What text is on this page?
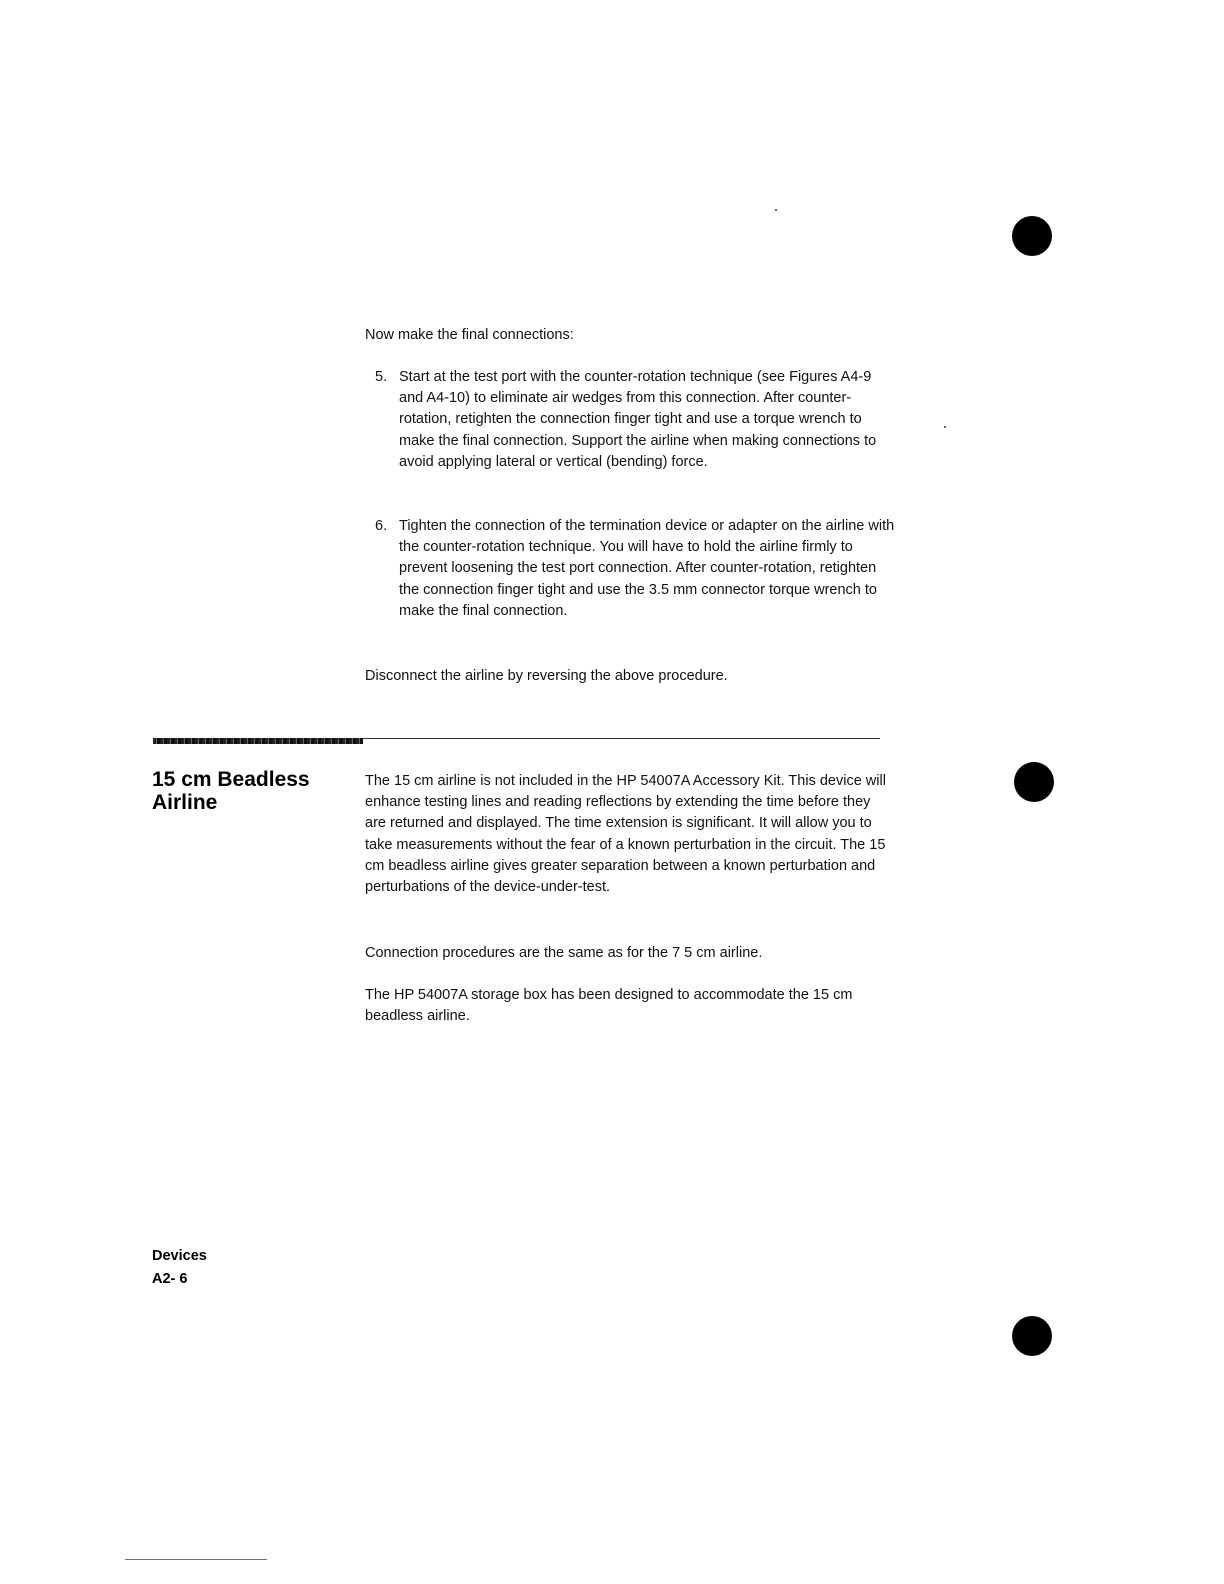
Now make the final connections:

5. Start at the test port with the counter-rotation technique (see Figures A4-9 and A4-10) to eliminate air wedges from this connection. After counter-rotation, retighten the connection finger tight and use a torque wrench to make the final connection. Support the airline when making connections to avoid applying lateral or vertical (bending) force.
6. Tighten the connection of the termination device or adapter on the airline with the counter-rotation technique. You will have to hold the airline firmly to prevent loosening the test port connection. After counter-rotation, retighten the connection finger tight and use the 3.5 mm connector torque wrench to make the final connection.

Disconnect the airline by reversing the above procedure.

15 cm Beadless Airline

The 15 cm airline is not included in the HP 54007A Accessory Kit. This device will enhance testing lines and reading reflections by extending the time before they are returned and displayed. The time extension is significant. It will allow you to take measurements without the fear of a known perturbation in the circuit. The 15 cm beadless airline gives greater separation between a known perturbation and perturbations of the device-under-test.

Connection procedures are the same as for the 7 5 cm airline.

The HP 54007A storage box has been designed to accommodate the 15 cm beadless airline.

Devices
A2- 6
